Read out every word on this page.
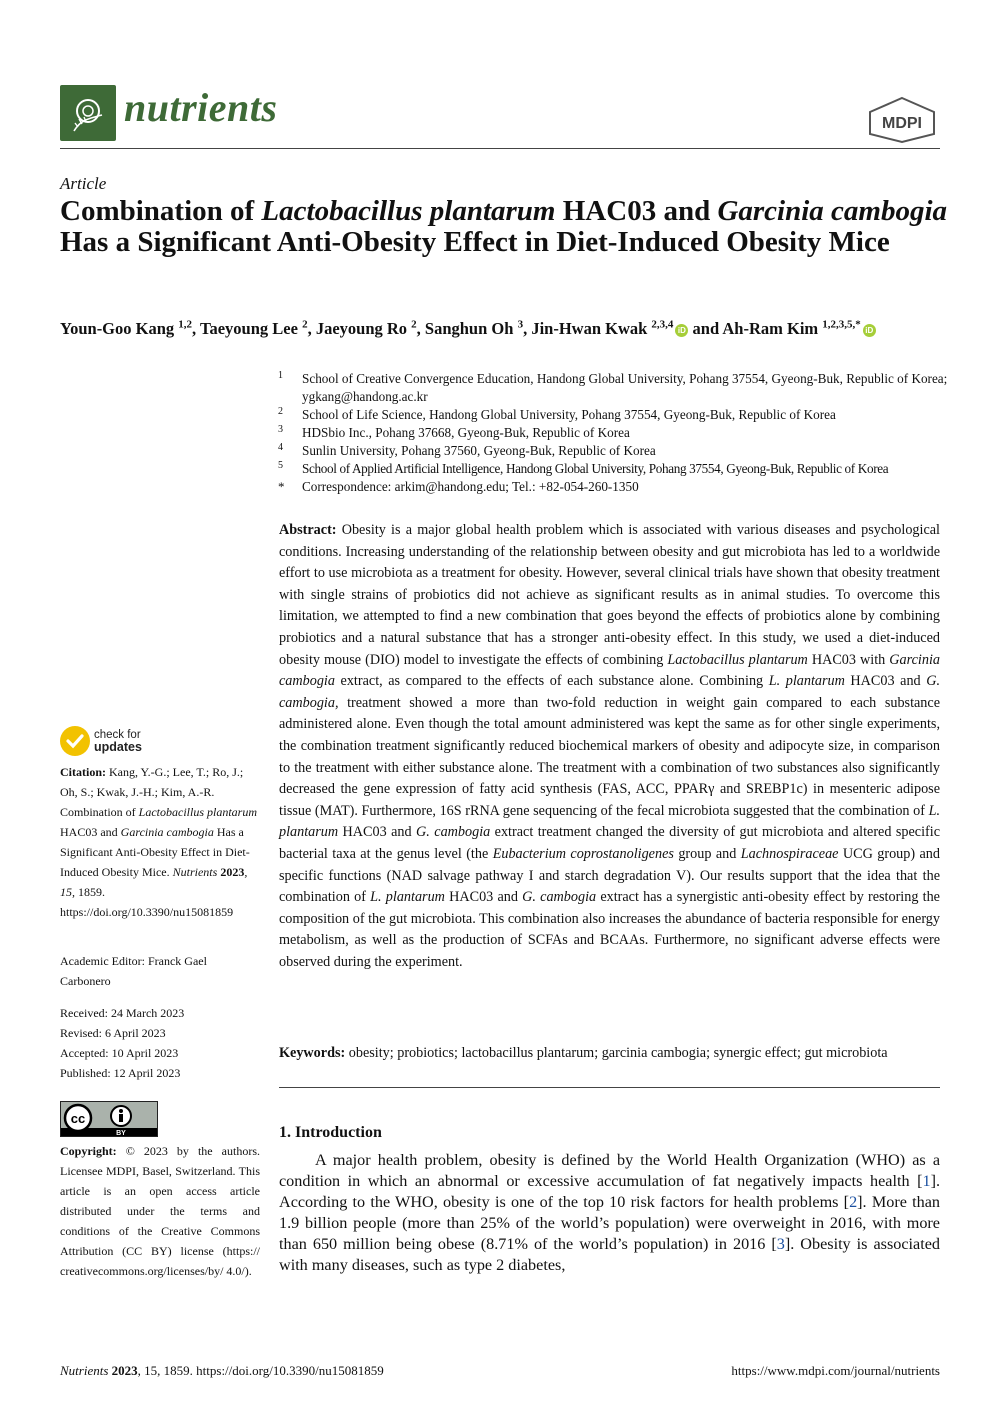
nutrients	MDPI
Article
Combination of Lactobacillus plantarum HAC03 and Garcinia cambogia Has a Significant Anti-Obesity Effect in Diet-Induced Obesity Mice
Youn-Goo Kang $^{1,2}$, Taeyoung Lee $^2$, Jaeyoung Ro $^2$, Sanghun Oh $^3$, Jin-Hwan Kwak $^{2,3,4}$ iD and Ah-Ram Kim $^{1,2,3,5,*}$ iD
1 School of Creative Convergence Education, Handong Global University, Pohang 37554, Gyeong-Buk, Republic of Korea; ygkang@handong.ac.kr
2 School of Life Science, Handong Global University, Pohang 37554, Gyeong-Buk, Republic of Korea
3 HDSbio Inc., Pohang 37668, Gyeong-Buk, Republic of Korea
4 Sunlin University, Pohang 37560, Gyeong-Buk, Republic of Korea
5 School of Applied Artificial Intelligence, Handong Global University, Pohang 37554, Gyeong-Buk, Republic of Korea
* Correspondence: arkim@handong.edu; Tel.: +82-054-260-1350
Abstract: Obesity is a major global health problem which is associated with various diseases and psychological conditions. Increasing understanding of the relationship between obesity and gut microbiota has led to a worldwide effort to use microbiota as a treatment for obesity. However, several clinical trials have shown that obesity treatment with single strains of probiotics did not achieve as significant results as in animal studies. To overcome this limitation, we attempted to find a new combination that goes beyond the effects of probiotics alone by combining probiotics and a natural substance that has a stronger anti-obesity effect. In this study, we used a diet-induced obesity mouse (DIO) model to investigate the effects of combining Lactobacillus plantarum HAC03 with Garcinia cambogia extract, as compared to the effects of each substance alone. Combining L. plantarum HAC03 and G. cambogia, treatment showed a more than two-fold reduction in weight gain compared to each substance administered alone. Even though the total amount administered was kept the same as for other single experiments, the combination treatment significantly reduced biochemical markers of obesity and adipocyte size, in comparison to the treatment with either substance alone. The treatment with a combination of two substances also significantly decreased the gene expression of fatty acid synthesis (FAS, ACC, PPARγ and SREBP1c) in mesenteric adipose tissue (MAT). Furthermore, 16S rRNA gene sequencing of the fecal microbiota suggested that the combination of L. plantarum HAC03 and G. cambogia extract treatment changed the diversity of gut microbiota and altered specific bacterial taxa at the genus level (the Eubacterium coprostanoligenes group and Lachnospiraceae UCG group) and specific functions (NAD salvage pathway I and starch degradation V). Our results support that the idea that the combination of L. plantarum HAC03 and G. cambogia extract has a synergistic anti-obesity effect by restoring the composition of the gut microbiota. This combination also increases the abundance of bacteria responsible for energy metabolism, as well as the production of SCFAs and BCAAs. Furthermore, no significant adverse effects were observed during the experiment.
Keywords: obesity; probiotics; lactobacillus plantarum; garcinia cambogia; synergic effect; gut microbiota
1. Introduction

A major health problem, obesity is defined by the World Health Organization (WHO) as a condition in which an abnormal or excessive accumulation of fat negatively impacts health [1]. According to the WHO, obesity is one of the top 10 risk factors for health problems [2]. More than 1.9 billion people (more than 25% of the world’s population) were overweight in 2016, with more than 650 million being obese (8.71% of the world’s population) in 2016 [3]. Obesity is associated with many diseases, such as type 2 diabetes,

check for
updates
Citation: Kang, Y.-G.; Lee, T.; Ro, J.; Oh, S.; Kwak, J.-H.; Kim, A.-R. Combination of Lactobacillus plantarum HAC03 and Garcinia cambogia Has a Significant Anti-Obesity Effect in Diet-Induced Obesity Mice. Nutrients 2023, 15, 1859. https://doi.org/10.3390/nu15081859
Academic Editor: Franck Gael Carbonero
Received: 24 March 2023
Revised: 6 April 2023
Accepted: 10 April 2023
Published: 12 April 2023
cc
BY
Copyright: © 2023 by the authors. Licensee MDPI, Basel, Switzerland. This article is an open access article distributed under the terms and conditions of the Creative Commons Attribution (CC BY) license (https:// creativecommons.org/licenses/by/ 4.0/).
Nutrients 2023, 15, 1859. https://doi.org/10.3390/nu15081859	https://www.mdpi.com/journal/nutrients
